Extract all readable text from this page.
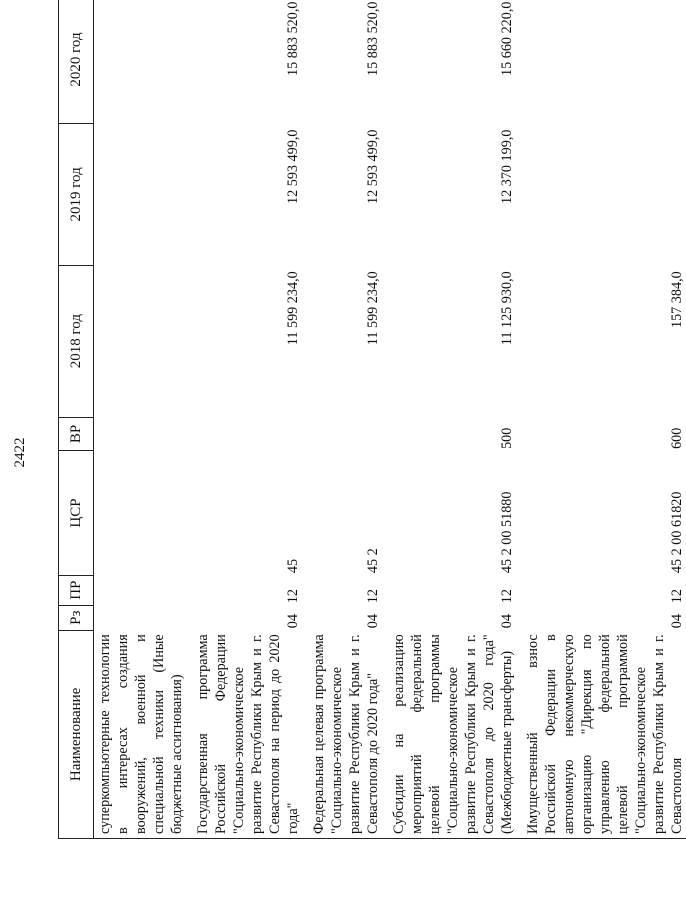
2422
Наименование	Рз	ПР	ЦСР	ВР	2018 год	2019 год	2020 год
суперкомпьютерные технологии в интересах создания вооружений, военной и специальной техники (Иные бюджетные ассигнования)							
Государственная программа Российской Федерации "Социально-экономическое развитие Республики Крым и г. Севастополя на период до 2020 года"	04	12	45		11 599 234,0	12 593 499,0	15 883 520,0
Федеральная целевая программа "Социально-экономическое развитие Республики Крым и г. Севастополя до 2020 года"	04	12	45 2		11 599 234,0	12 593 499,0	15 883 520,0
Субсидии на реализацию мероприятий федеральной целевой программы "Социально-экономическое развитие Республики Крым и г. Севастополя до 2020 года" (Межбюджетные трансферты)	04	12	45 2 00 51880	500	11 125 930,0	12 370 199,0	15 660 220,0
Имущественный взнос Российской Федерации в автономную некоммерческую организацию "Дирекция по управлению федеральной целевой программой "Социально-экономическое развитие Республики Крым и г. Севастополя	04	12	45 2 00 61820	600	157 384,0		
